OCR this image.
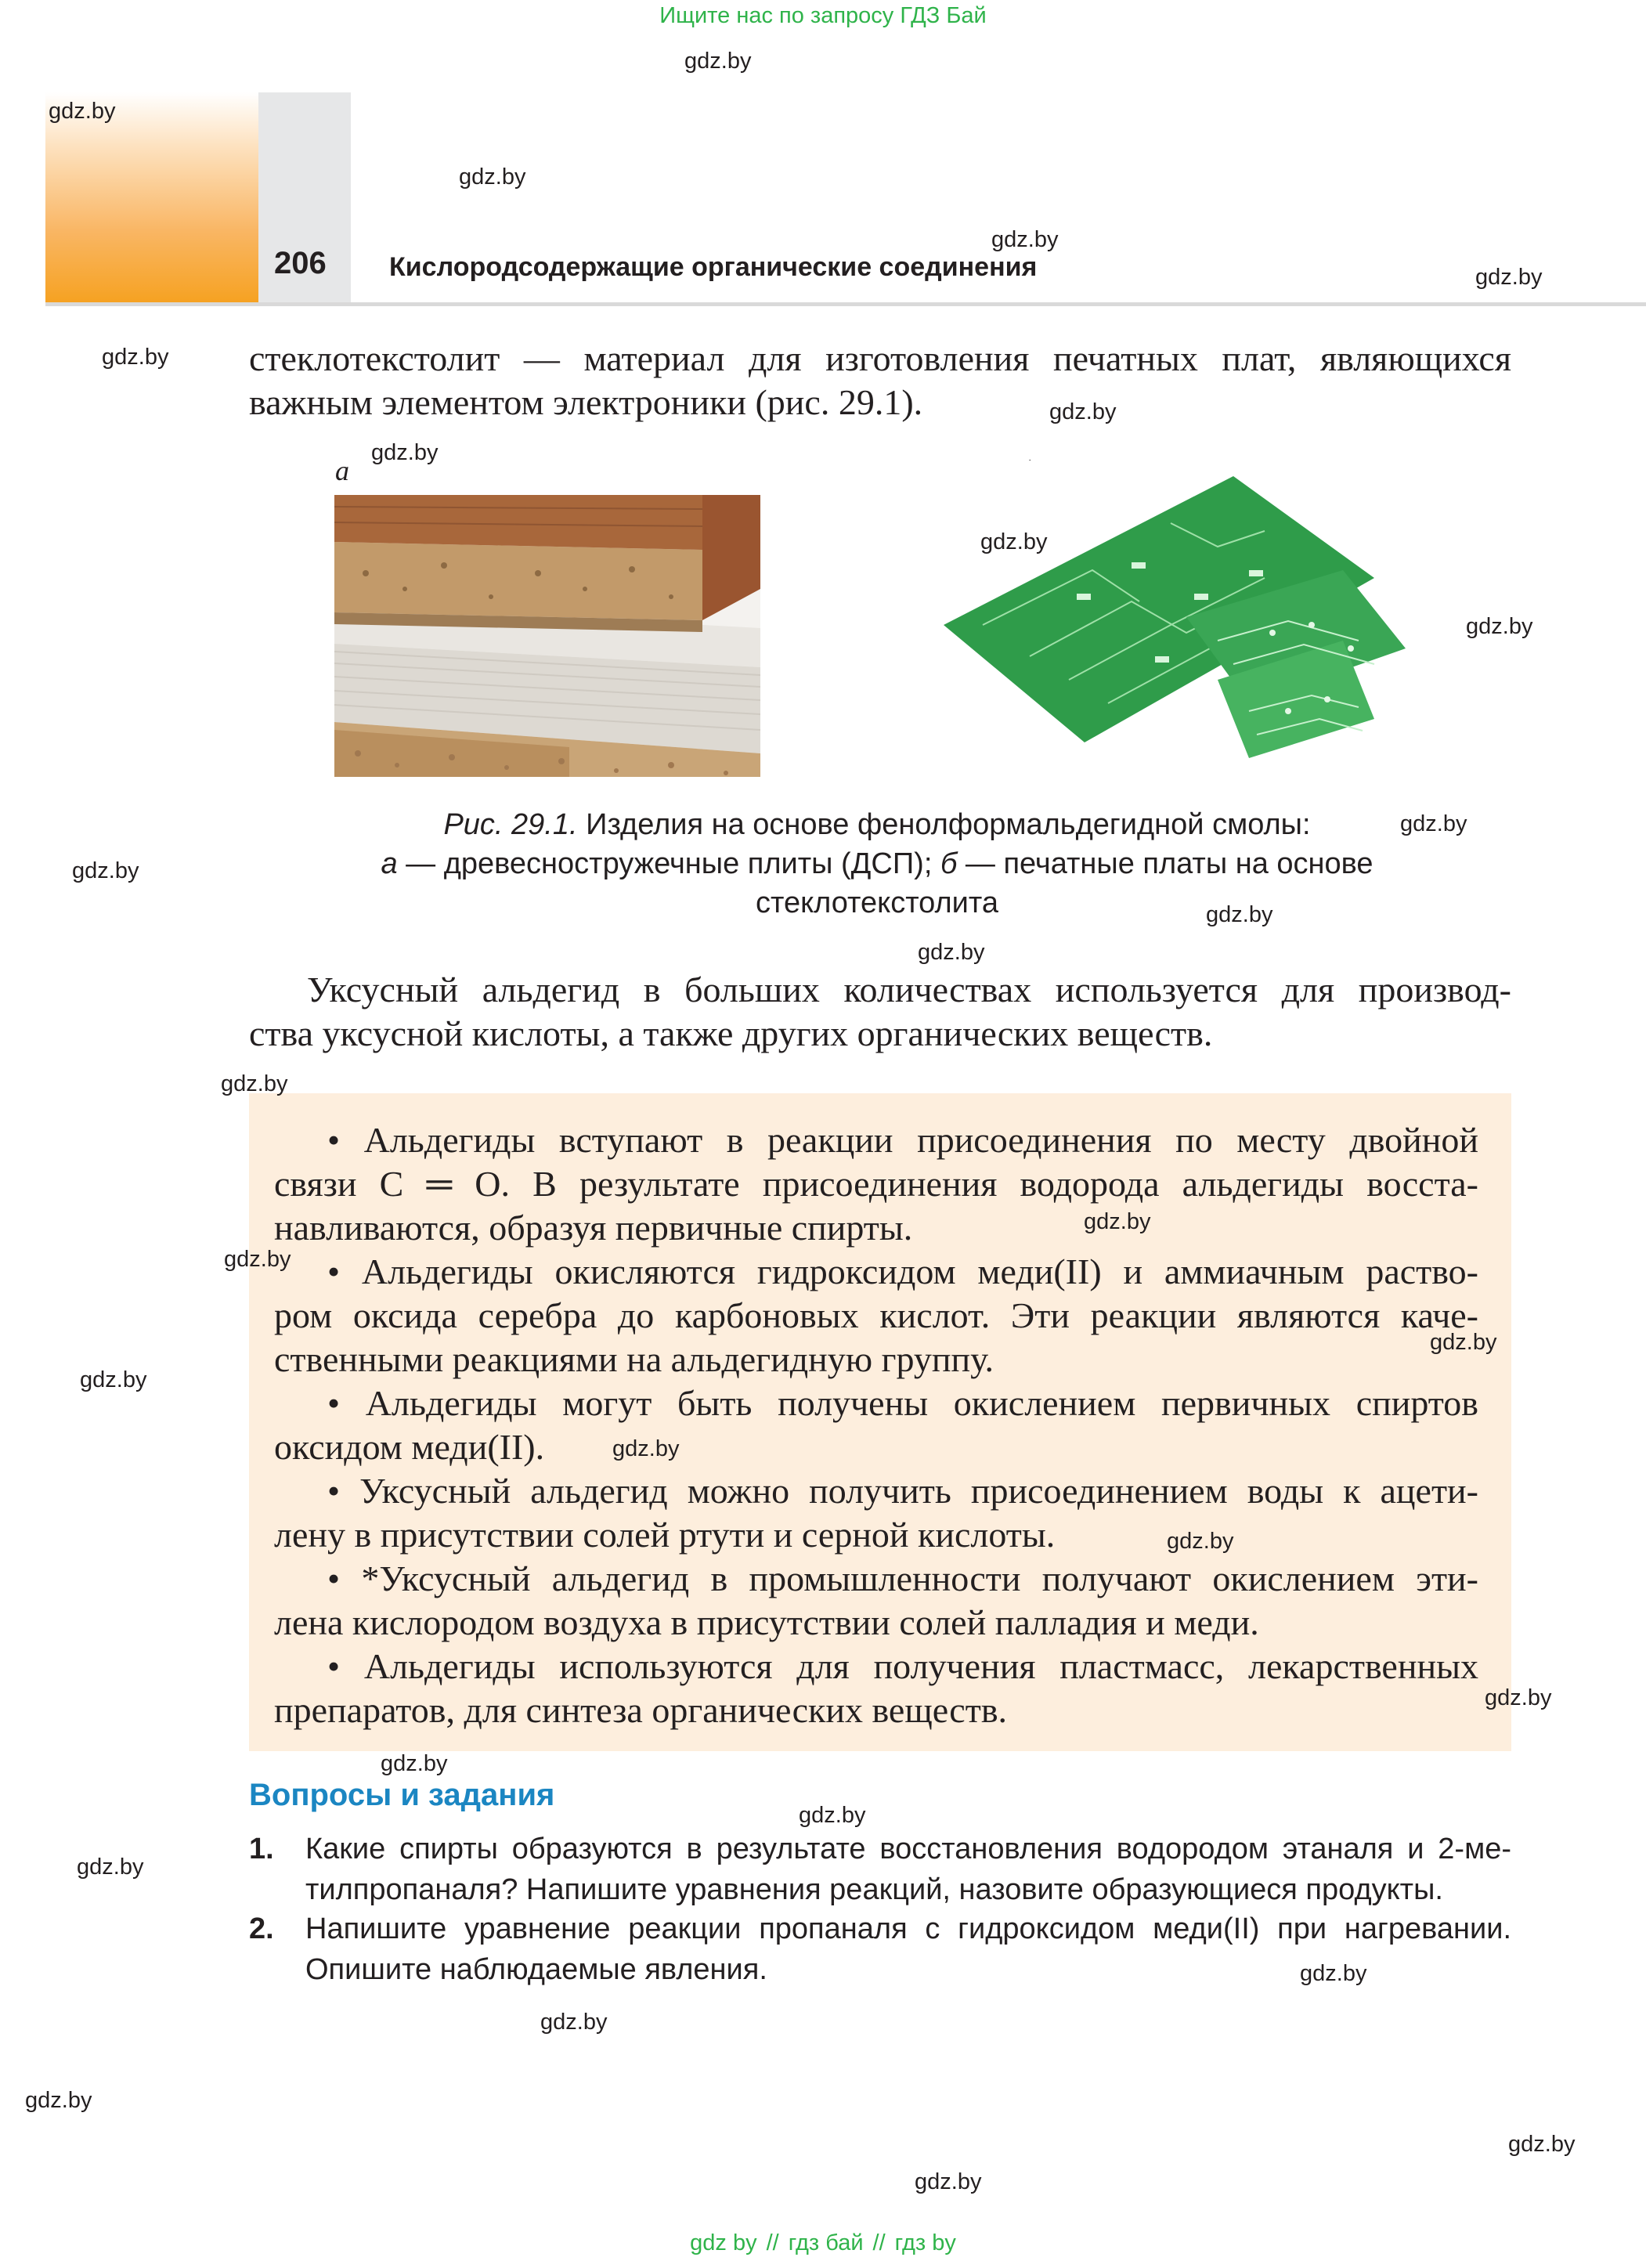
Ищите нас по запросу ГДЗ Бай
206 Кислородсодержащие органические соединения
стеклотекстолит — материал для изготовления печатных плат, являющихся
важным элементом электроники (рис. 29.1).
а
Рис. 29.1. Изделия на основе фенолформальдегидной смолы:
а — древесностружечные плиты (ДСП); б — печатные платы на основе
стеклотекстолита
Уксусный альдегид в больших количествах используется для производ-
ства уксусной кислоты, а также других органических веществ.
• Альдегиды вступают в реакции присоединения по месту двойной
связи С ═ О. В результате присоединения водорода альдегиды восста-
навливаются, образуя первичные спирты.
• Альдегиды окисляются гидроксидом меди(II) и аммиачным раство-
ром оксида серебра до карбоновых кислот. Эти реакции являются каче-
ственными реакциями на альдегидную группу.
• Альдегиды могут быть получены окислением первичных спиртов
оксидом меди(II).
• Уксусный альдегид можно получить присоединением воды к ацети-
лену в присутствии солей ртути и серной кислоты.
• *Уксусный альдегид в промышленности получают окислением эти-
лена кислородом воздуха в присутствии солей палладия и меди.
• Альдегиды используются для получения пластмасс, лекарственных
препаратов, для синтеза органических веществ.
Вопросы и задания
1. Какие спирты образуются в результате восстановления водородом этаналя и 2-ме-
тилпропаналя? Напишите уравнения реакций, назовите образующиеся продукты.
2. Напишите уравнение реакции пропаналя с гидроксидом меди(II) при нагревании.
Опишите наблюдаемые явления.
gdz.by
gdz.by
gdz.by
gdz.by
gdz.by
gdz.by
gdz.by
gdz.by
gdz.by
gdz.by
gdz.by
gdz.by
gdz.by
gdz.by
gdz.by
gdz.by
gdz.by
gdz.by
gdz.by
gdz.by
gdz.by
gdz.by
gdz.by
gdz.by
gdz.by
gdz.by
gdz.by
gdz.by
gdz.by
gdz.by
gdz by // гдз бай // гдз by
